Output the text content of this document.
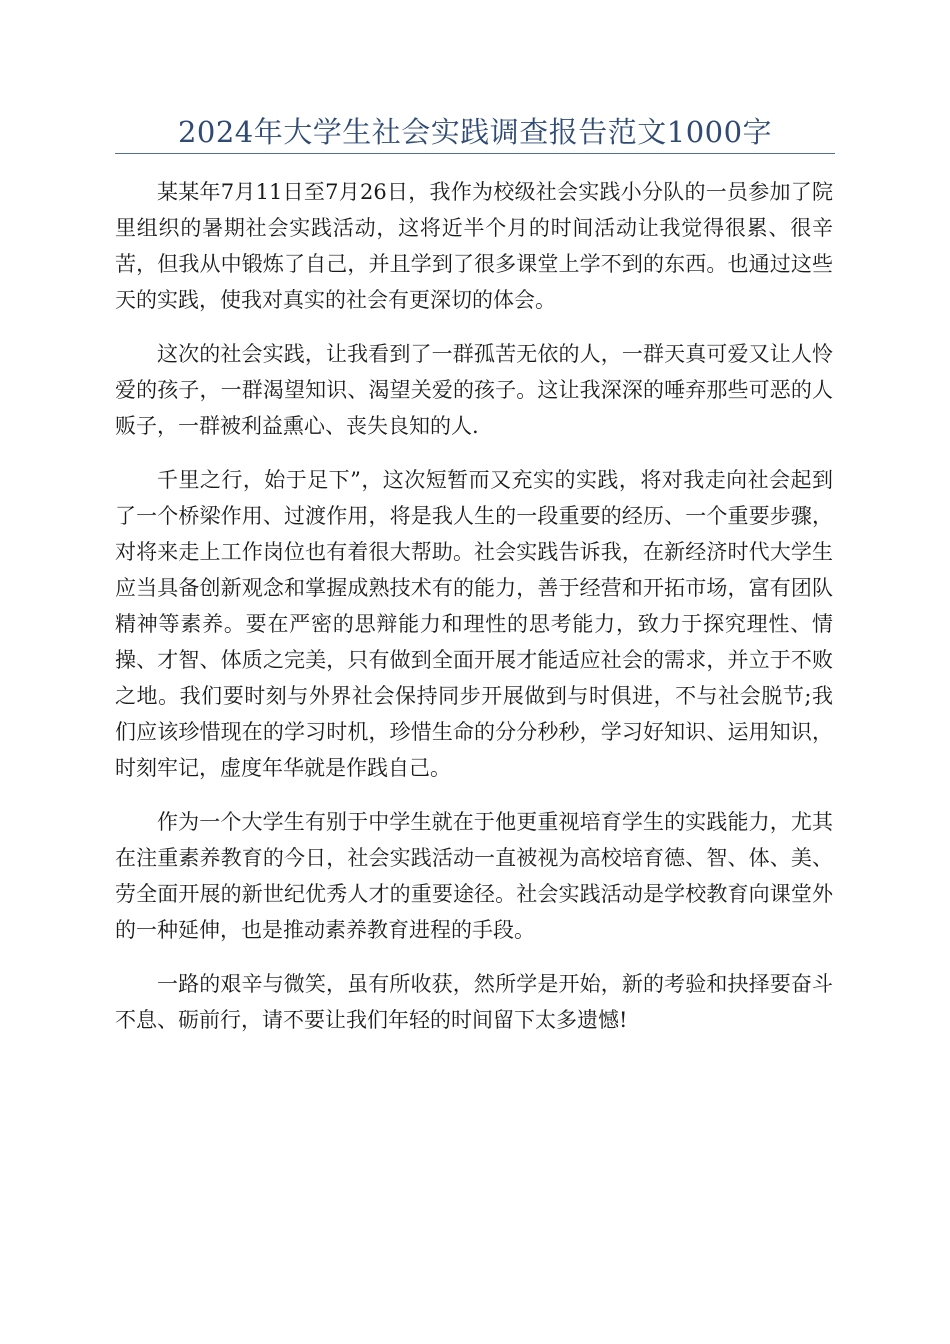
2024年大学生社会实践调查报告范文1000字

某某年7月11日至7月26日，我作为校级社会实践小分队的一员参加了院里组织的暑期社会实践活动，这将近半个月的时间活动让我觉得很累、很辛苦，但我从中锻炼了自己，并且学到了很多课堂上学不到的东西。也通过这些天的实践，使我对真实的社会有更深切的体会。

这次的社会实践，让我看到了一群孤苦无依的人，一群天真可爱又让人怜爱的孩子，一群渴望知识、渴望关爱的孩子。这让我深深的唾弃那些可恶的人贩子，一群被利益熏心、丧失良知的人.

千里之行，始于足下”，这次短暂而又充实的实践，将对我走向社会起到了一个桥梁作用、过渡作用，将是我人生的一段重要的经历、一个重要步骤，对将来走上工作岗位也有着很大帮助。社会实践告诉我，在新经济时代大学生应当具备创新观念和掌握成熟技术有的能力，善于经营和开拓市场，富有团队精神等素养。要在严密的思辩能力和理性的思考能力，致力于探究理性、情操、才智、体质之完美，只有做到全面开展才能适应社会的需求，并立于不败之地。我们要时刻与外界社会保持同步开展做到与时俱进，不与社会脱节;我们应该珍惜现在的学习时机，珍惜生命的分分秒秒，学习好知识、运用知识，时刻牢记，虚度年华就是作践自己。

作为一个大学生有别于中学生就在于他更重视培育学生的实践能力，尤其在注重素养教育的今日，社会实践活动一直被视为高校培育德、智、体、美、劳全面开展的新世纪优秀人才的重要途径。社会实践活动是学校教育向课堂外的一种延伸，也是推动素养教育进程的手段。

一路的艰辛与微笑，虽有所收获，然所学是开始，新的考验和抉择要奋斗不息、砺前行，请不要让我们年轻的时间留下太多遗憾!
